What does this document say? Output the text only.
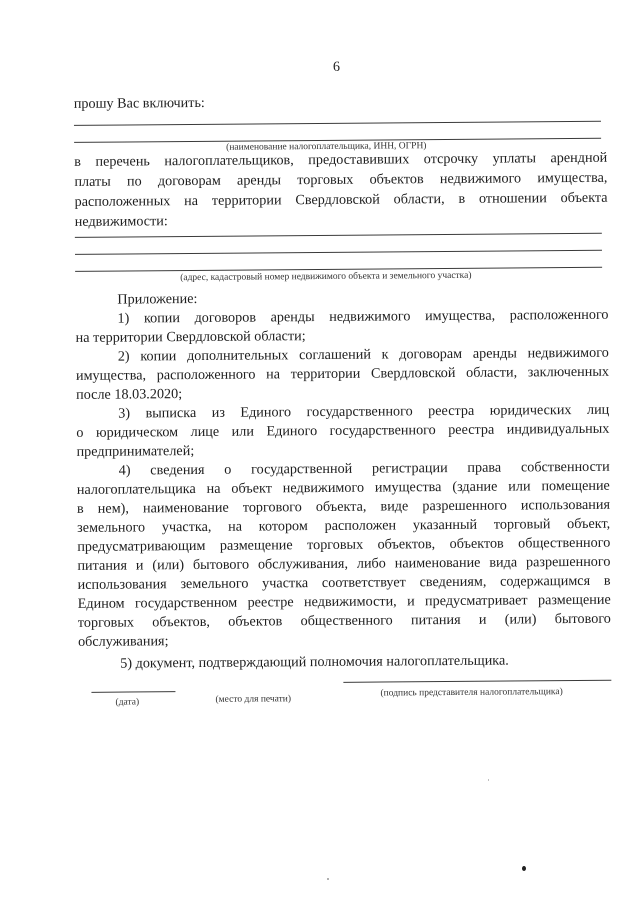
6
прошу Вас включить:
(наименование налогоплательщика, ИНН, ОГРН)
в перечень налогоплательщиков, предоставивших отсрочку уплаты арендной
платы по договорам аренды торговых объектов недвижимого имущества,
расположенных на территории Свердловской области, в отношении объекта
недвижимости:
(адрес, кадастровый номер недвижимого объекта и земельного участка)
Приложение:
1) копии договоров аренды недвижимого имущества, расположенного
на территории Свердловской области;
2) копии дополнительных соглашений к договорам аренды недвижимого
имущества, расположенного на территории Свердловской области, заключенных
после 18.03.2020;
3) выписка из Единого государственного реестра юридических лиц
о юридическом лице или Единого государственного реестра индивидуальных
предпринимателей;
4) сведения о государственной регистрации права собственности
налогоплательщика на объект недвижимого имущества (здание или помещение
в нем), наименование торгового объекта, виде разрешенного использования
земельного участка, на котором расположен указанный торговый объект,
предусматривающим размещение торговых объектов, объектов общественного
питания и (или) бытового обслуживания, либо наименование вида разрешенного
использования земельного участка соответствует сведениям, содержащимся в
Едином государственном реестре недвижимости, и предусматривает размещение
торговых объектов, объектов общественного питания и (или) бытового
обслуживания;
5) документ, подтверждающий полномочия налогоплательщика.
(дата)	(место для печати)
(подпись представителя налогоплательщика)
